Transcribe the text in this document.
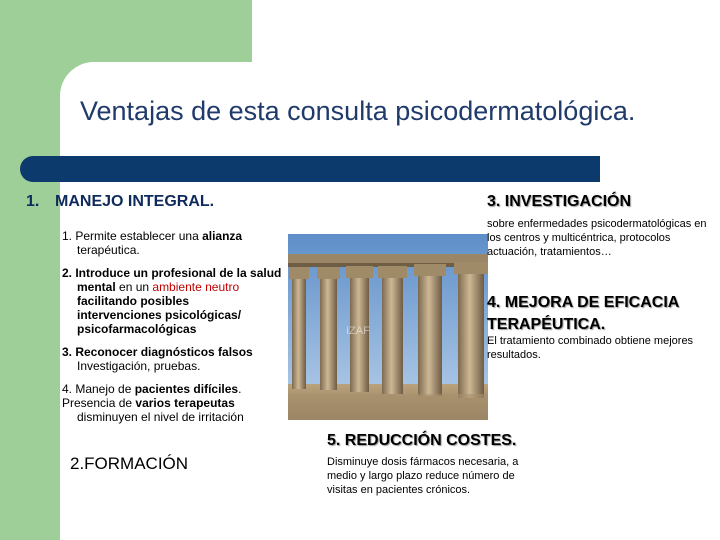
Ventajas de esta consulta psicodermatológica.
1. MANEJO INTEGRAL.
1. Permite establecer una alianza
terapéutica.
2. Introduce un profesional de la salud
mental en un ambiente neutro
facilitando posibles
intervenciones psicológicas/
psicofarmacológicas
3. Reconocer diagnósticos falsos
Investigación, pruebas.
4. Manejo de pacientes difíciles.
Presencia de varios terapeutas
disminuyen el nivel de irritación
2.FORMACIÓN
IZAF
3. INVESTIGACIÓN
sobre enfermedades psicodermatológicas en los centros y multicéntrica, protocolos actuación, tratamientos…
4. MEJORA DE EFICACIA TERAPÉUTICA.
El tratamiento combinado obtiene mejores resultados.
5. REDUCCIÓN COSTES.
Disminuye dosis fármacos necesaria, a medio y largo plazo reduce número de visitas en pacientes crónicos.
